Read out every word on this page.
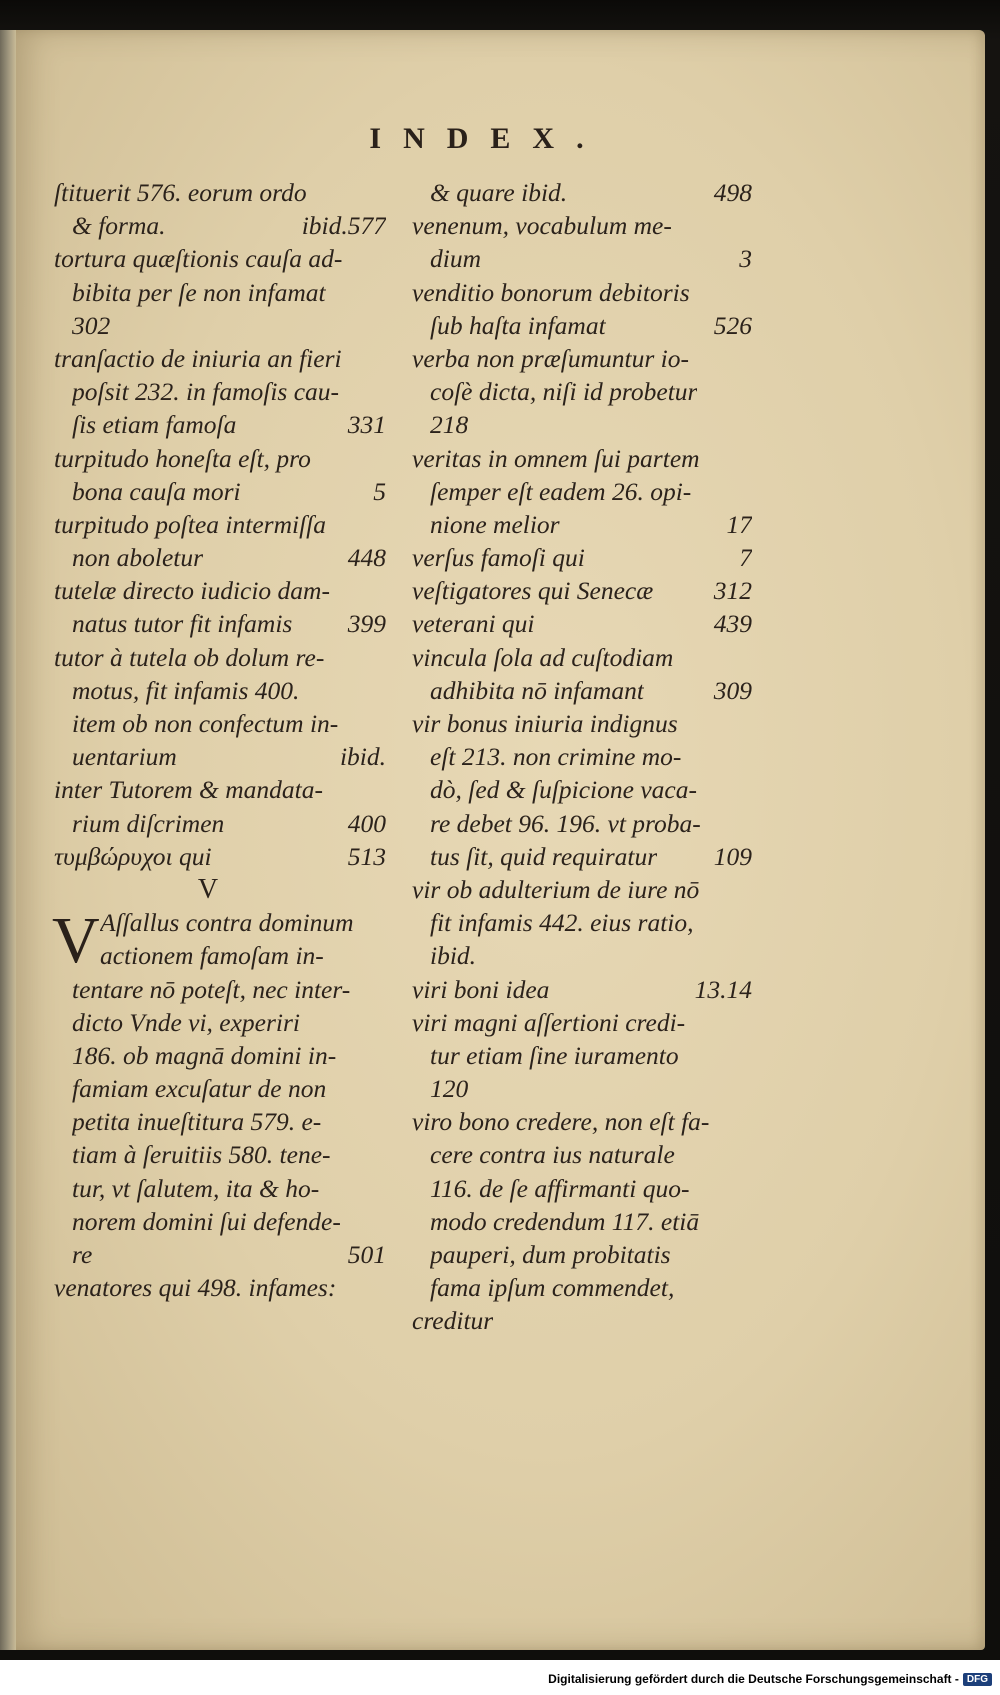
INDEX.
ſtituerit 576. eorum ordo
& forma.	ibid.577
tortura quæſtionis cauſa ad-
bibita per ſe non infamat
302
tranſactio de iniuria an fieri
poſsit 232. in famoſis cau-
ſis etiam famoſa	331
turpitudo honeſta eſt, pro
bona cauſa mori	5
turpitudo poſtea intermiſſa
non aboletur	448
tutelæ directo iudicio dam-
natus tutor fit infamis 399
tutor à tutela ob dolum re-
motus, fit infamis 400.
item ob non confectum in-
uentarium	ibid.
inter Tutorem & mandata-
rium diſcrimen	400
τυμβώρυχοι qui	513
V
V Aſſallus contra dominum
actionem famoſam in-
tentare nō poteſt, nec inter-
dicto Vnde vi, experiri
186. ob magnā domini in-
famiam excuſatur de non
petita inueſtitura 579. e-
tiam à ſeruitiis 580. tene-
tur, vt ſalutem, ita & ho-
norem domini ſui defende-
re	501
venatores qui 498. infames:
& quare ibid.	498
venenum, vocabulum me-
dium	3
venditio bonorum debitoris
ſub haſta infamat	526
verba non præſumuntur io-
coſè dicta, niſi id probetur
218
veritas in omnem ſui partem
ſemper eſt eadem 26. opi-
nione melior	17
verſus famoſi qui	7
veſtigatores qui Senecæ 312
veterani qui	439
vincula ſola ad cuſtodiam
adhibita nō infamant	309
vir bonus iniuria indignus
eſt 213. non crimine mo-
dò, ſed & ſuſpicione vaca-
re debet 96. 196. vt proba-
tus ſit, quid requiratur 109
vir ob adulterium de iure nō
fit infamis 442. eius ratio,
ibid.
viri boni idea	13.14
viri magni aſſertioni credi-
tur etiam ſine iuramento
120
viro bono credere, non eſt fa-
cere contra ius naturale
116. de ſe affirmanti quo-
modo credendum 117. etiā
pauperi, dum probitatis
fama ipſum commendet,
creditur
Digitalisierung gefördert durch die Deutsche Forschungsgemeinschaft - DFG
